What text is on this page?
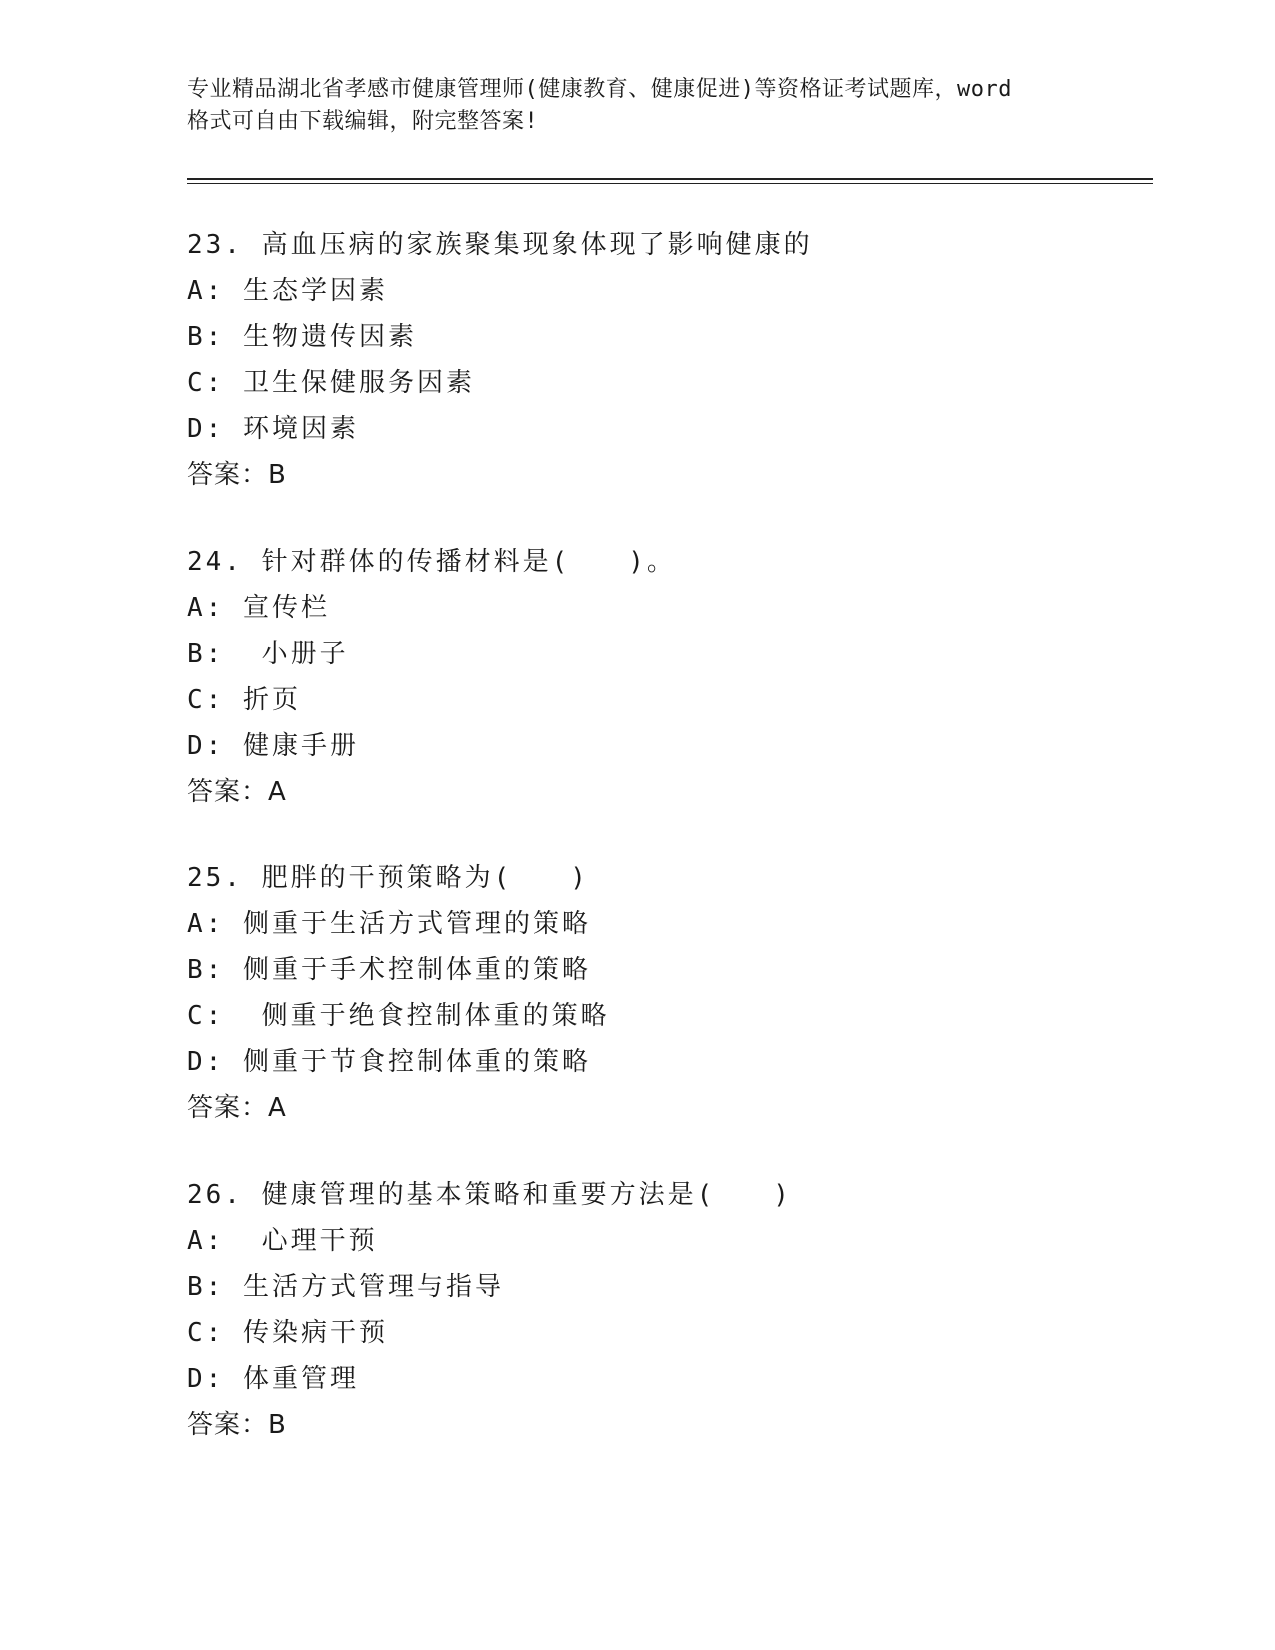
专业精品湖北省孝感市健康管理师(健康教育、健康促进)等资格证考试题库，word
格式可自由下载编辑，附完整答案!
23. 高血压病的家族聚集现象体现了影响健康的
A: 生态学因素
B: 生物遗传因素
C: 卫生保健服务因素
D: 环境因素
答案：B
24. 针对群体的传播材料是(　　)。
A: 宣传栏
B:  小册子
C: 折页
D: 健康手册
答案：A
25. 肥胖的干预策略为(　　)
A: 侧重于生活方式管理的策略
B: 侧重于手术控制体重的策略
C:  侧重于绝食控制体重的策略
D: 侧重于节食控制体重的策略
答案：A
26. 健康管理的基本策略和重要方法是(　　)
A:  心理干预
B: 生活方式管理与指导
C: 传染病干预
D: 体重管理
答案：B
